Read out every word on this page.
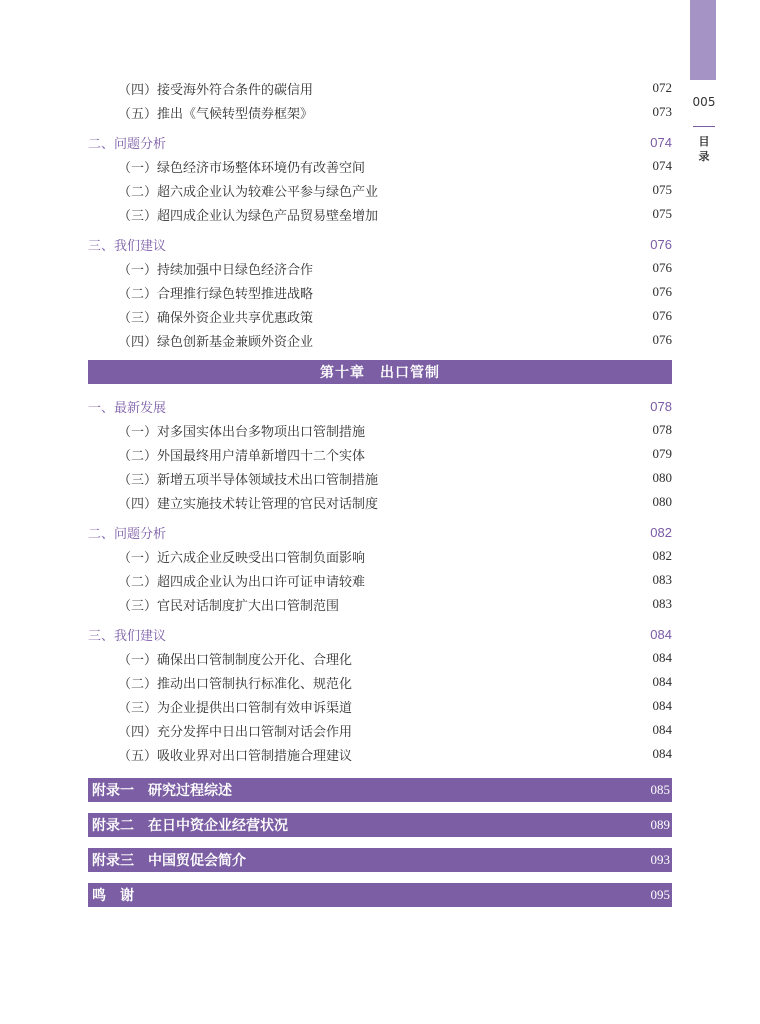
005
目录
（四）接受海外符合条件的碳信用	072
（五）推出《气候转型债券框架》	073
二、问题分析	074
（一）绿色经济市场整体环境仍有改善空间	074
（二）超六成企业认为较难公平参与绿色产业	075
（三）超四成企业认为绿色产品贸易壁垒增加	075
三、我们建议	076
（一）持续加强中日绿色经济合作	076
（二）合理推行绿色转型推进战略	076
（三）确保外资企业共享优惠政策	076
（四）绿色创新基金兼顾外资企业	076
第十章　出口管制
一、最新发展	078
（一）对多国实体出台多物项出口管制措施	078
（二）外国最终用户清单新增四十二个实体	079
（三）新增五项半导体领域技术出口管制措施	080
（四）建立实施技术转让管理的官民对话制度	080
二、问题分析	082
（一）近六成企业反映受出口管制负面影响	082
（二）超四成企业认为出口许可证申请较难	083
（三）官民对话制度扩大出口管制范围	083
三、我们建议	084
（一）确保出口管制制度公开化、合理化	084
（二）推动出口管制执行标准化、规范化	084
（三）为企业提供出口管制有效申诉渠道	084
（四）充分发挥中日出口管制对话会作用	084
（五）吸收业界对出口管制措施合理建议	084
附录一　研究过程综述	085
附录二　在日中资企业经营状况	089
附录三　中国贸促会简介	093
鸣　谢	095
